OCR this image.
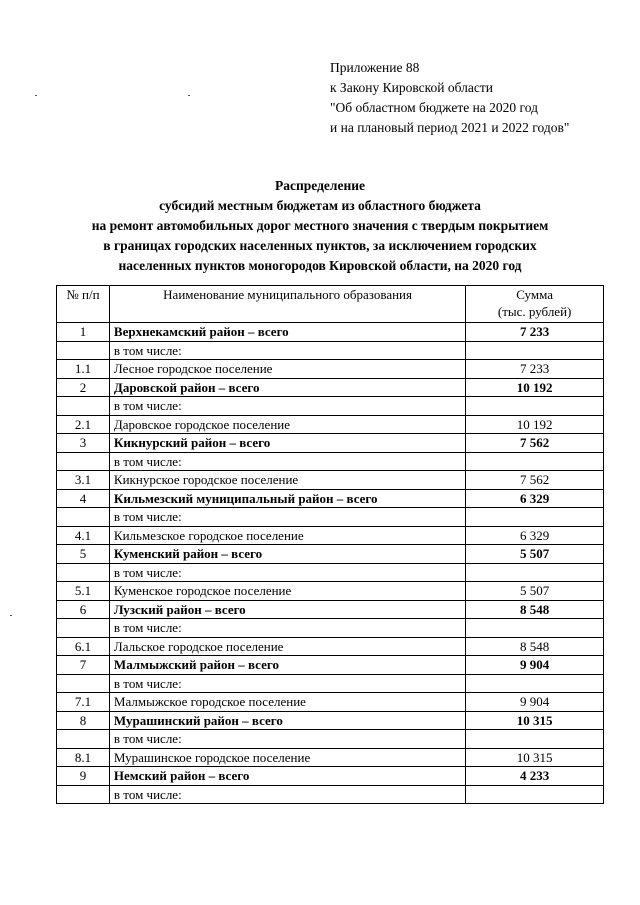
Приложение 88
к Закону Кировской области
"Об областном бюджете на 2020 год
и на плановый период 2021 и 2022 годов"
Распределение
субсидий местным бюджетам из областного бюджета
на ремонт автомобильных дорог местного значения с твердым покрытием
в границах городских населенных пунктов, за исключением городских
населенных пунктов моногородов Кировской области, на 2020 год
№ п/п	Наименование муниципального образования	Сумма
(тыс. рублей)

1	Верхнекамский район – всего	7 233
	в том числе:	
1.1	Лесное городское поселение	7 233
2	Даровской район – всего	10 192
	в том числе:	
2.1	Даровское городское поселение	10 192
3	Кикнурский район – всего	7 562
	в том числе:	
3.1	Кикнурское городское поселение	7 562
4	Кильмезский муниципальный район – всего	6 329
	в том числе:	
4.1	Кильмезское городское поселение	6 329
5	Куменский район – всего	5 507
	в том числе:	
5.1	Куменское городское поселение	5 507
6	Лузский район – всего	8 548
	в том числе:	
6.1	Лальское городское поселение	8 548
7	Малмыжский район – всего	9 904
	в том числе:	
7.1	Малмыжское городское поселение	9 904
8	Мурашинский район – всего	10 315
	в том числе:	
8.1	Мурашинское городское поселение	10 315
9	Немский район – всего	4 233
	в том числе:	
